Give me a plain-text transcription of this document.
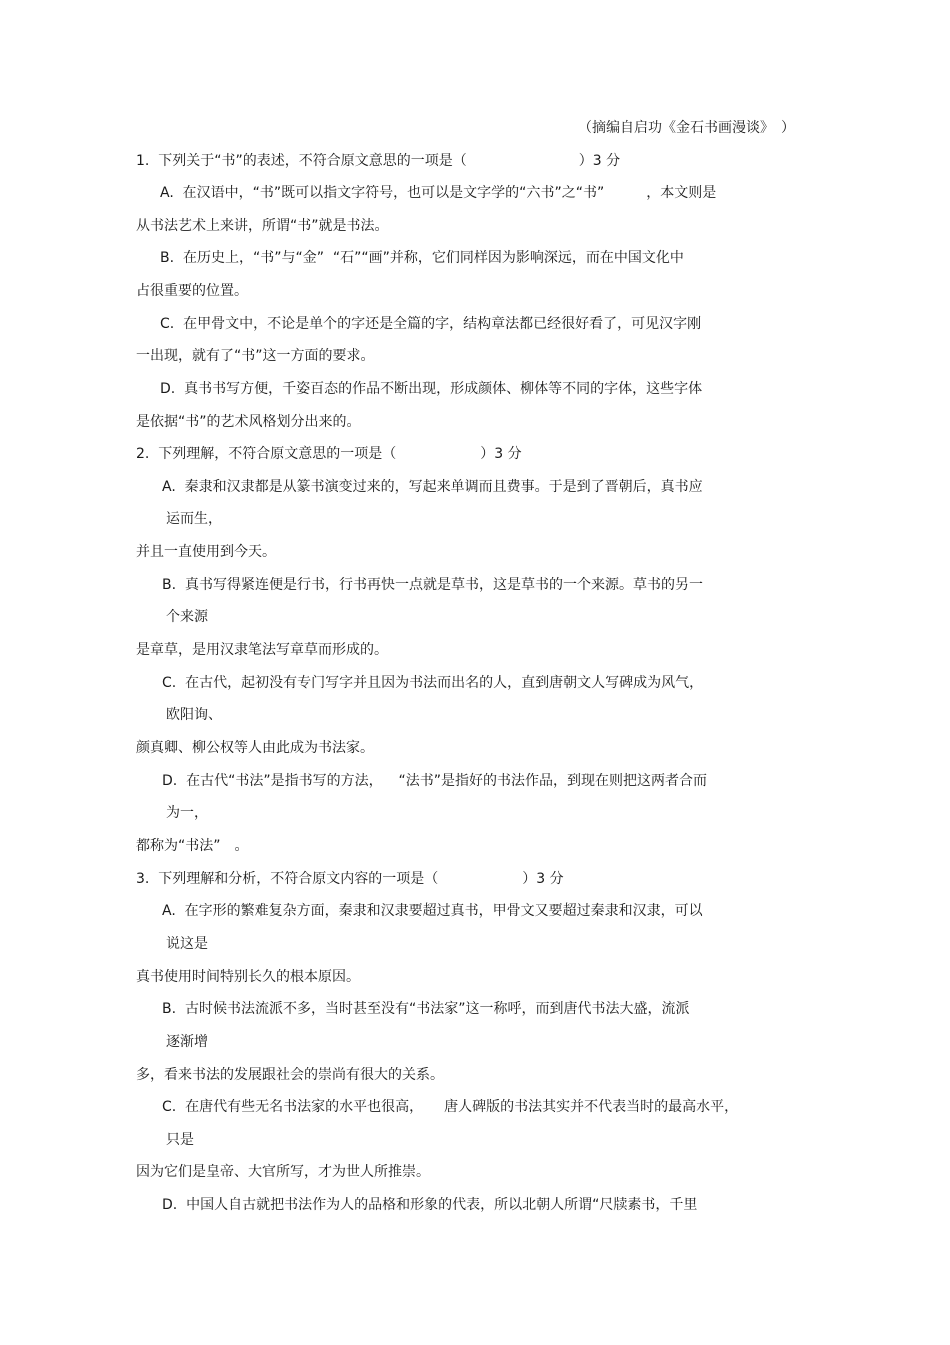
（摘编自启功《金石书画漫谈》　）
1.  下列关于“书”的表述，不符合原文意思的一项是（　　　　　　　　）3 分
A.  在汉语中，“书”既可以指文字符号，也可以是文字学的“六书”之“书”　　　，本文则是
从书法艺术上来讲，所谓“书”就是书法。
B.  在历史上，“书”与“金”  “石”“画”并称，它们同样因为影响深远，而在中国文化中
占很重要的位置。
C.  在甲骨文中，不论是单个的字还是全篇的字，结构章法都已经很好看了，可见汉字刚
一出现，就有了“书”这一方面的要求。
D.  真书书写方便，千姿百态的作品不断出现，形成颜体、柳体等不同的字体，这些字体
是依据“书”的艺术风格划分出来的。
2.  下列理解，不符合原文意思的一项是（　　　　　　）3 分
A.  秦隶和汉隶都是从篆书演变过来的，写起来单调而且费事。于是到了晋朝后，真书应
运而生，
并且一直使用到今天。
B.  真书写得紧连便是行书，行书再快一点就是草书，这是草书的一个来源。草书的另一
个来源
是章草，是用汉隶笔法写章草而形成的。
C.  在古代，起初没有专门写字并且因为书法而出名的人，直到唐朝文人写碑成为风气，
欧阳询、
颜真卿、柳公权等人由此成为书法家。
D.  在古代“书法”是指书写的方法，　  “法书”是指好的书法作品，到现在则把这两者合而
为一，
都称为“书法”　。
3.  下列理解和分析，不符合原文内容的一项是（　　　　　　）3 分
A.  在字形的繁难复杂方面，秦隶和汉隶要超过真书，甲骨文又要超过秦隶和汉隶，可以
说这是
真书使用时间特别长久的根本原因。
B.  古时候书法流派不多，当时甚至没有“书法家”这一称呼，而到唐代书法大盛，流派
逐渐增
多，看来书法的发展跟社会的崇尚有很大的关系。
C.  在唐代有些无名书法家的水平也很高，　　唐人碑版的书法其实并不代表当时的最高水平，
只是
因为它们是皇帝、大官所写，才为世人所推崇。
D.  中国人自古就把书法作为人的品格和形象的代表，所以北朝人所谓“尺牍素书，千里
